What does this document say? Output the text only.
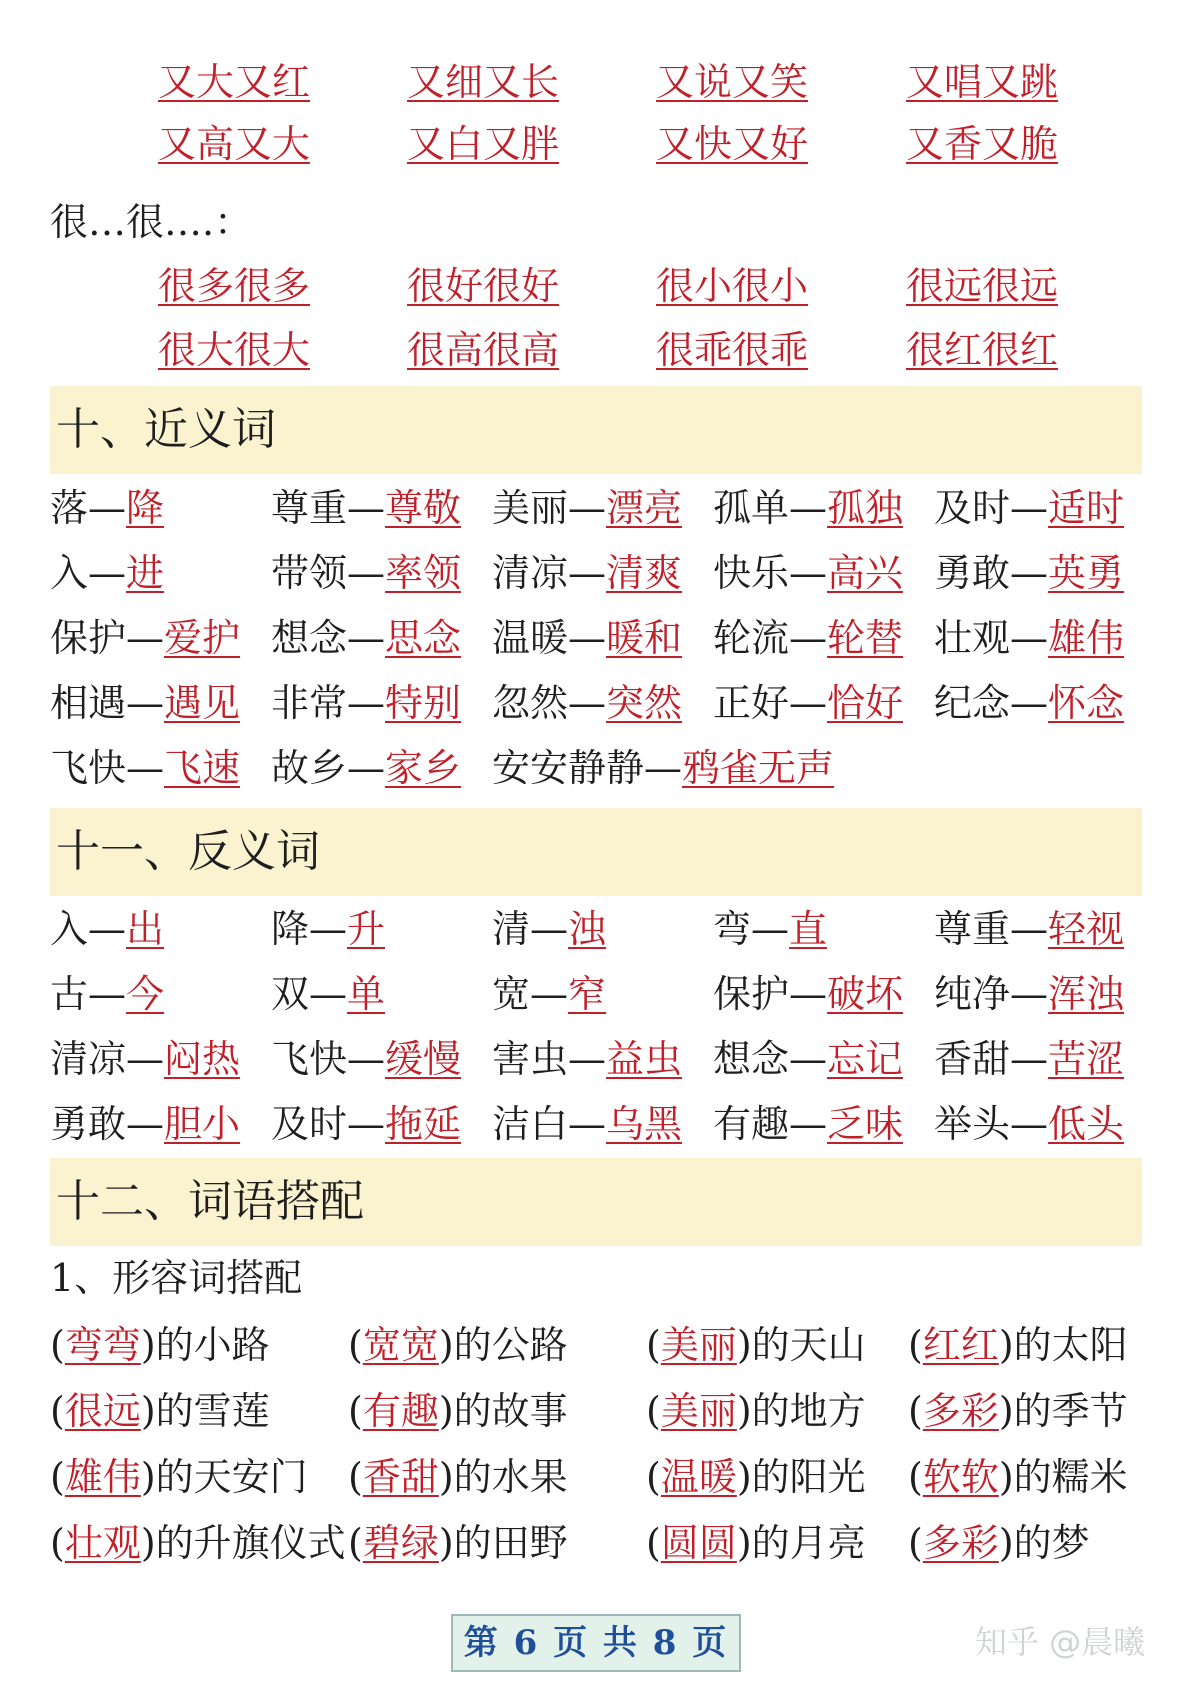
又大又红	又细又长	又说又笑	又唱又跳
又高又大	又白又胖	又快又好	又香又脆
很…很….：
很多很多	很好很好	很小很小	很远很远
很大很大	很高很高	很乖很乖	很红很红
十、近义词
落—降	尊重—尊敬 美丽—漂亮 孤单—孤独 及时—适时
入—进	带领—率领 清凉—清爽 快乐—高兴 勇敢—英勇
保护—爱护 想念—思念 温暖—暖和 轮流—轮替 壮观—雄伟
相遇—遇见 非常—特别 忽然—突然 正好—恰好 纪念—怀念
飞快—飞速 故乡—家乡 安安静静—鸦雀无声
十一、反义词
入—出	降—升	清—浊	弯—直	尊重—轻视
古—今	双—单	宽—窄	保护—破坏 纯净—浑浊
清凉—闷热 飞快—缓慢 害虫—益虫 想念—忘记 香甜—苦涩
勇敢—胆小 及时—拖延 洁白—乌黑 有趣—乏味 举头—低头
十二、词语搭配
1、形容词搭配
(弯弯)的小路 (宽宽)的公路 (美丽)的天山 (红红)的太阳
(很远)的雪莲 (有趣)的故事 (美丽)的地方 (多彩)的季节
(雄伟)的天安门 (香甜)的水果 (温暖)的阳光 (软软)的糯米
(壮观)的升旗仪式 (碧绿)的田野 (圆圆)的月亮 (多彩)的梦
第 6 页 共 8 页	知乎 @晨曦
